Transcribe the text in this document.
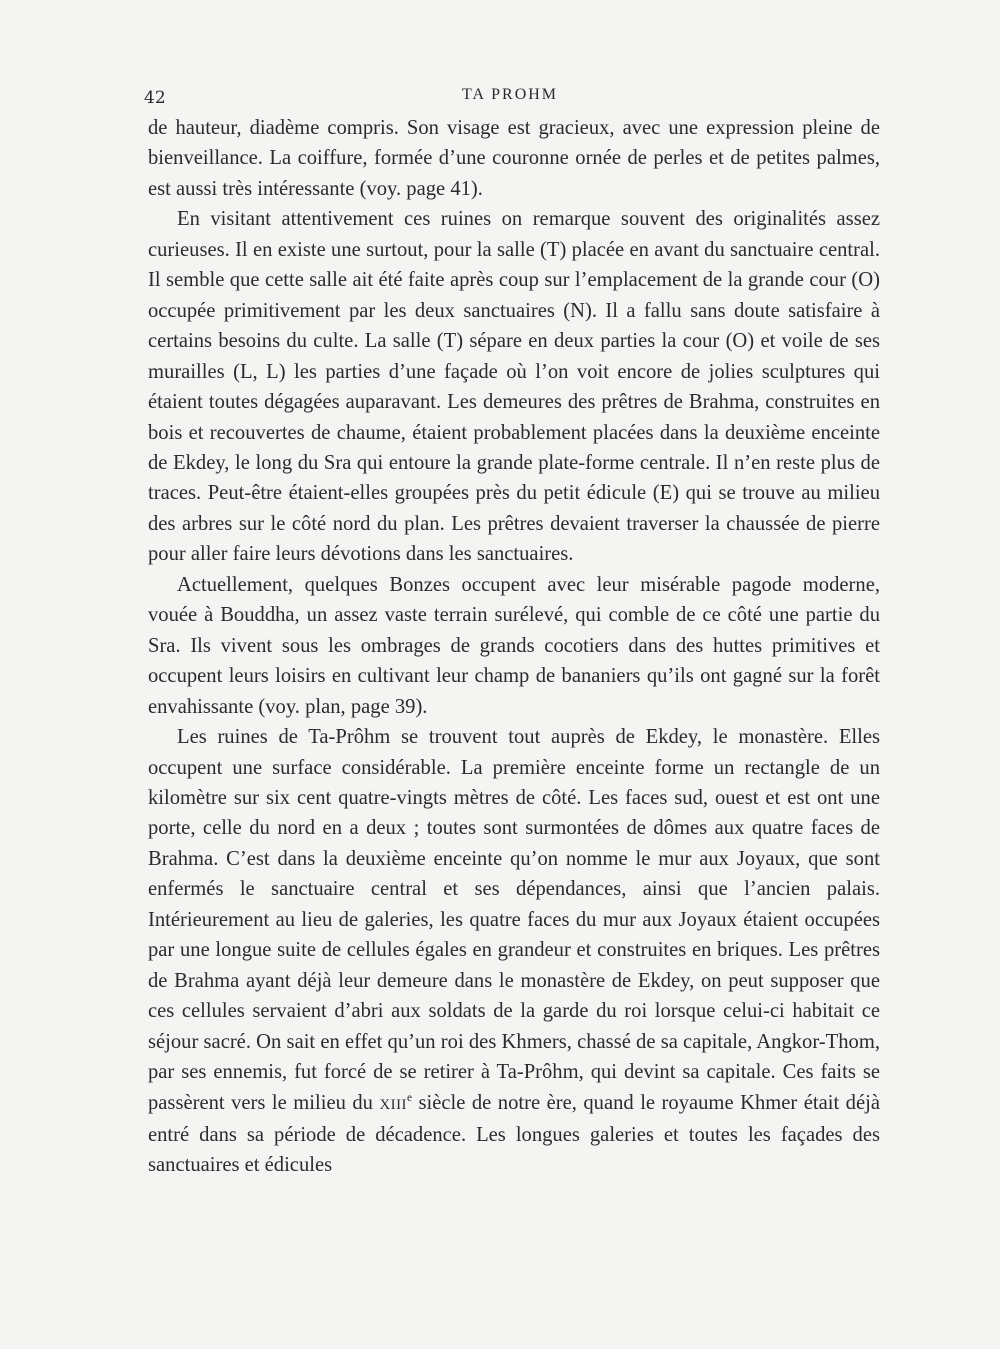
42	TA PROHM

de hauteur, diadème compris. Son visage est gracieux, avec une expression pleine de bienveillance. La coiffure, formée d’une couronne ornée de perles et de petites palmes, est aussi très intéressante (voy. page 41).

En visitant attentivement ces ruines on remarque souvent des originalités assez curieuses. Il en existe une surtout, pour la salle (T) placée en avant du sanctuaire central. Il semble que cette salle ait été faite après coup sur l’emplacement de la grande cour (O) occupée primitivement par les deux sanctuaires (N). Il a fallu sans doute satisfaire à certains besoins du culte. La salle (T) sépare en deux parties la cour (O) et voile de ses murailles (L, L) les parties d’une façade où l’on voit encore de jolies sculptures qui étaient toutes dégagées auparavant. Les demeures des prêtres de Brahma, construites en bois et recouvertes de chaume, étaient probablement placées dans la deuxième enceinte de Ekdey, le long du Sra qui entoure la grande plate-forme centrale. Il n’en reste plus de traces. Peut-être étaient-elles groupées près du petit édicule (E) qui se trouve au milieu des arbres sur le côté nord du plan. Les prêtres devaient traverser la chaussée de pierre pour aller faire leurs dévotions dans les sanctuaires.

Actuellement, quelques Bonzes occupent avec leur misérable pagode moderne, vouée à Bouddha, un assez vaste terrain surélevé, qui comble de ce côté une partie du Sra. Ils vivent sous les ombrages de grands cocotiers dans des huttes primitives et occupent leurs loisirs en cultivant leur champ de bananiers qu’ils ont gagné sur la forêt envahissante (voy. plan, page 39).

Les ruines de Ta-Prôhm se trouvent tout auprès de Ekdey, le monastère. Elles occupent une surface considérable. La première enceinte forme un rectangle de un kilomètre sur six cent quatre-vingts mètres de côté. Les faces sud, ouest et est ont une porte, celle du nord en a deux ; toutes sont surmontées de dômes aux quatre faces de Brahma. C’est dans la deuxième enceinte qu’on nomme le mur aux Joyaux, que sont enfermés le sanctuaire central et ses dépendances, ainsi que l’ancien palais. Intérieurement au lieu de galeries, les quatre faces du mur aux Joyaux étaient occupées par une longue suite de cellules égales en grandeur et construites en briques. Les prêtres de Brahma ayant déjà leur demeure dans le monastère de Ekdey, on peut supposer que ces cellules servaient d’abri aux soldats de la garde du roi lorsque celui-ci habitait ce séjour sacré. On sait en effet qu’un roi des Khmers, chassé de sa capitale, Angkor-Thom, par ses ennemis, fut forcé de se retirer à Ta-Prôhm, qui devint sa capitale. Ces faits se passèrent vers le milieu du XIIIe siècle de notre ère, quand le royaume Khmer était déjà entré dans sa période de décadence. Les longues galeries et toutes les façades des sanctuaires et édicules
